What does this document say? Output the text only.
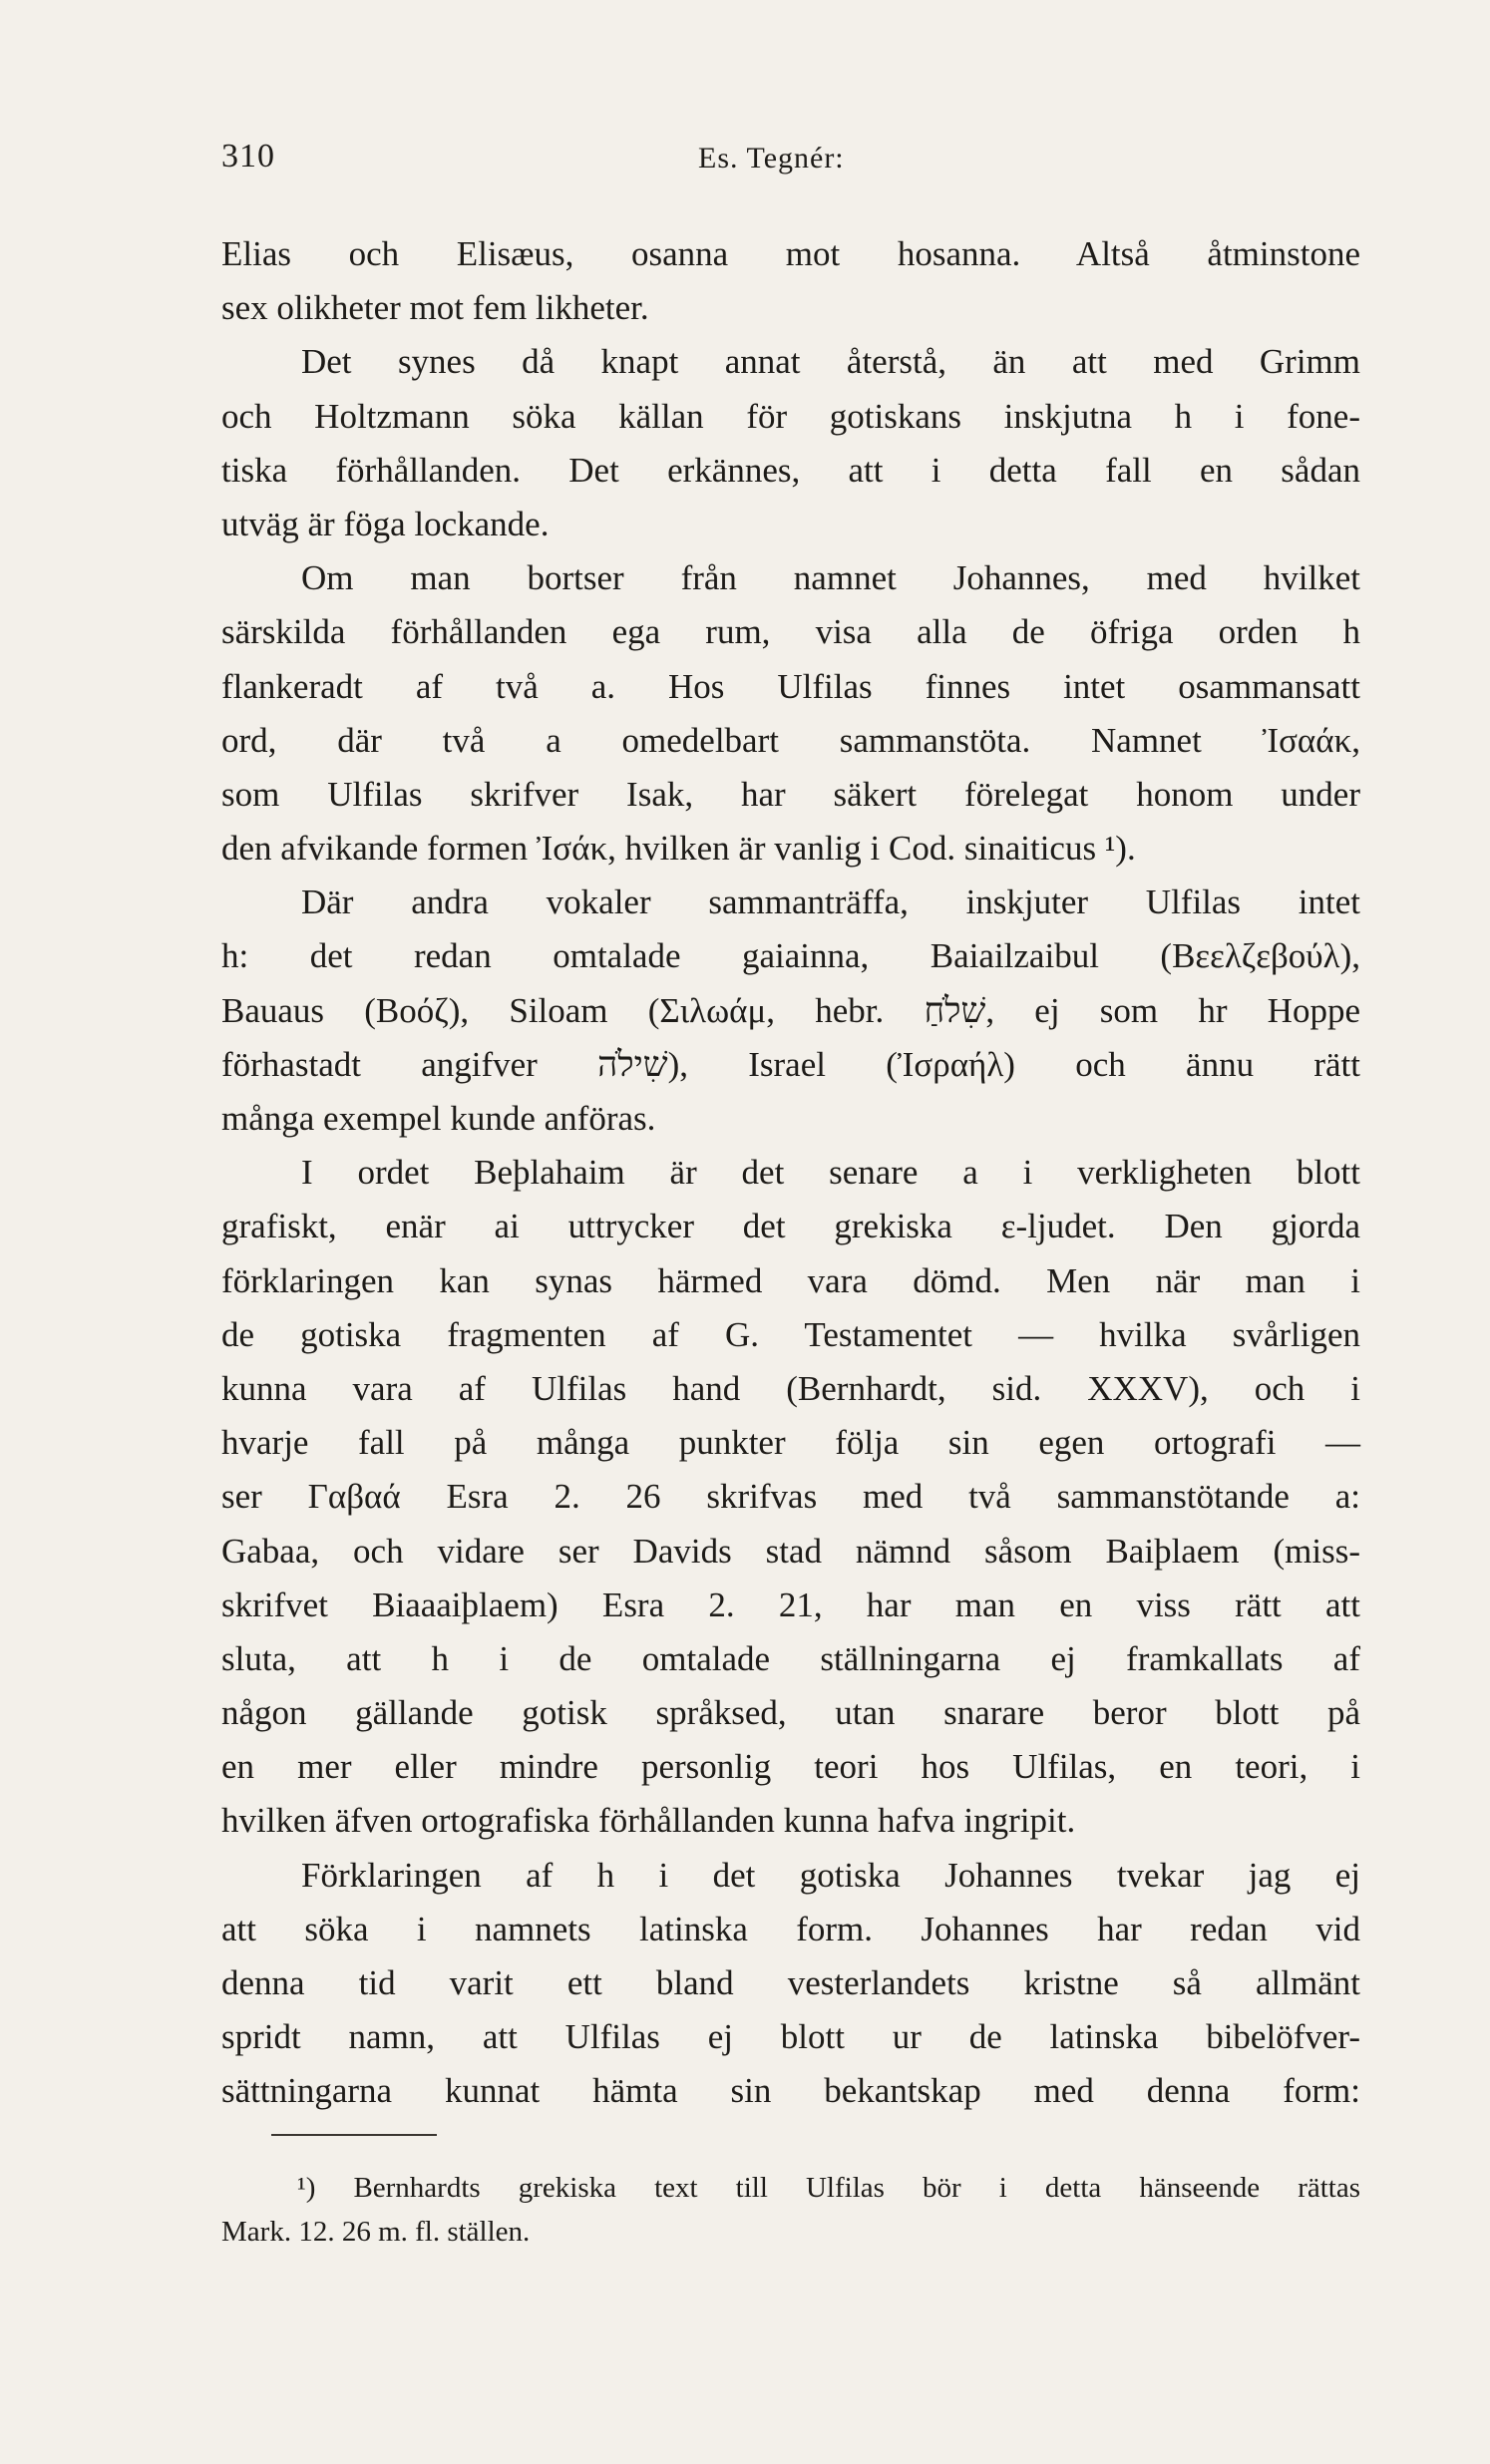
310	Es. Tegnér:
Elias och Elisæus, osanna mot hosanna. Altså åtminstone
sex olikheter mot fem likheter.
Det synes då knapt annat återstå, än att med Grimm
och Holtzmann söka källan för gotiskans inskjutna h i fone-
tiska förhållanden. Det erkännes, att i detta fall en sådan
utväg är föga lockande.
Om man bortser från namnet Johannes, med hvilket
särskilda förhållanden ega rum, visa alla de öfriga orden h
flankeradt af två a. Hos Ulfilas finnes intet osammansatt
ord, där två a omedelbart sammanstöta. Namnet Ἰσαάκ,
som Ulfilas skrifver Isak, har säkert förelegat honom under
den afvikande formen Ἰσάκ, hvilken är vanlig i Cod. sinaiticus ¹).
Där andra vokaler sammanträffa, inskjuter Ulfilas intet
h: det redan omtalade gaiainna, Baiailzaibul (Βεελζεβούλ),
Bauaus (Βοόζ), Siloam (Σιλωάμ, hebr. שִׁלֹחַ, ej som hr Hoppe
förhastadt angifver שִׁילֹה), Israel (Ἰσραήλ) och ännu rätt
många exempel kunde anföras.
I ordet Beþlahaim är det senare a i verkligheten blott
grafiskt, enär ai uttrycker det grekiska ε-ljudet. Den gjorda
förklaringen kan synas härmed vara dömd. Men när man i
de gotiska fragmenten af G. Testamentet — hvilka svårligen
kunna vara af Ulfilas hand (Bernhardt, sid. XXXV), och i
hvarje fall på många punkter följa sin egen ortografi —
ser Γαβαά Esra 2. 26 skrifvas med två sammanstötande a:
Gabaa, och vidare ser Davids stad nämnd såsom Baiþlaem (miss-
skrifvet Biaaaiþlaem) Esra 2. 21, har man en viss rätt att
sluta, att h i de omtalade ställningarna ej framkallats af
någon gällande gotisk språksed, utan snarare beror blott på
en mer eller mindre personlig teori hos Ulfilas, en teori, i
hvilken äfven ortografiska förhållanden kunna hafva ingripit.
Förklaringen af h i det gotiska Johannes tvekar jag ej
att söka i namnets latinska form. Johannes har redan vid
denna tid varit ett bland vesterlandets kristne så allmänt
spridt namn, att Ulfilas ej blott ur de latinska bibelöfver-
sättningarna kunnat hämta sin bekantskap med denna form:
¹) Bernhardts grekiska text till Ulfilas bör i detta hänseende rättas
Mark. 12. 26 m. fl. ställen.
